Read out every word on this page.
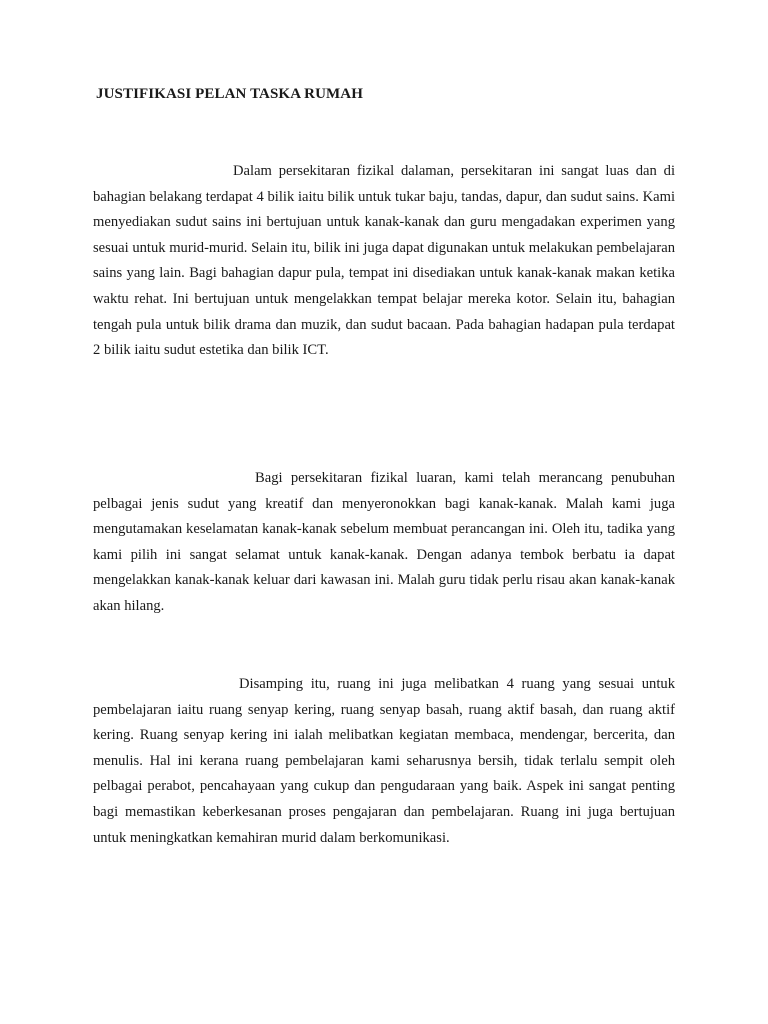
JUSTIFIKASI PELAN TASKA RUMAH

Dalam persekitaran fizikal dalaman, persekitaran ini sangat luas dan di bahagian belakang terdapat 4 bilik iaitu bilik untuk tukar baju, tandas, dapur, dan sudut sains. Kami menyediakan sudut sains ini bertujuan untuk kanak-kanak dan guru mengadakan experimen yang sesuai untuk murid-murid. Selain itu, bilik ini juga dapat digunakan untuk melakukan pembelajaran sains yang lain. Bagi bahagian dapur pula, tempat ini disediakan untuk kanak-kanak makan ketika waktu rehat. Ini bertujuan untuk mengelakkan tempat belajar mereka kotor. Selain itu, bahagian tengah pula untuk bilik drama dan muzik, dan sudut bacaan. Pada bahagian hadapan pula terdapat 2 bilik iaitu sudut estetika dan bilik ICT.

Bagi persekitaran fizikal luaran, kami telah merancang penubuhan pelbagai jenis sudut yang kreatif dan menyeronokkan bagi kanak-kanak. Malah kami juga mengutamakan keselamatan kanak-kanak sebelum membuat perancangan ini. Oleh itu, tadika yang kami pilih ini sangat selamat untuk kanak-kanak. Dengan adanya tembok berbatu ia dapat mengelakkan kanak-kanak keluar dari kawasan ini. Malah guru tidak perlu risau akan kanak-kanak akan hilang.

Disamping itu, ruang ini juga melibatkan 4 ruang yang sesuai untuk pembelajaran iaitu ruang senyap kering, ruang senyap basah, ruang aktif basah, dan ruang aktif kering. Ruang senyap kering ini ialah melibatkan kegiatan membaca, mendengar, bercerita, dan menulis. Hal ini kerana ruang pembelajaran kami seharusnya bersih, tidak terlalu sempit oleh pelbagai perabot, pencahayaan yang cukup dan pengudaraan yang baik. Aspek ini sangat penting bagi memastikan keberkesanan proses pengajaran dan pembelajaran. Ruang ini juga bertujuan untuk meningkatkan kemahiran murid dalam berkomunikasi.
